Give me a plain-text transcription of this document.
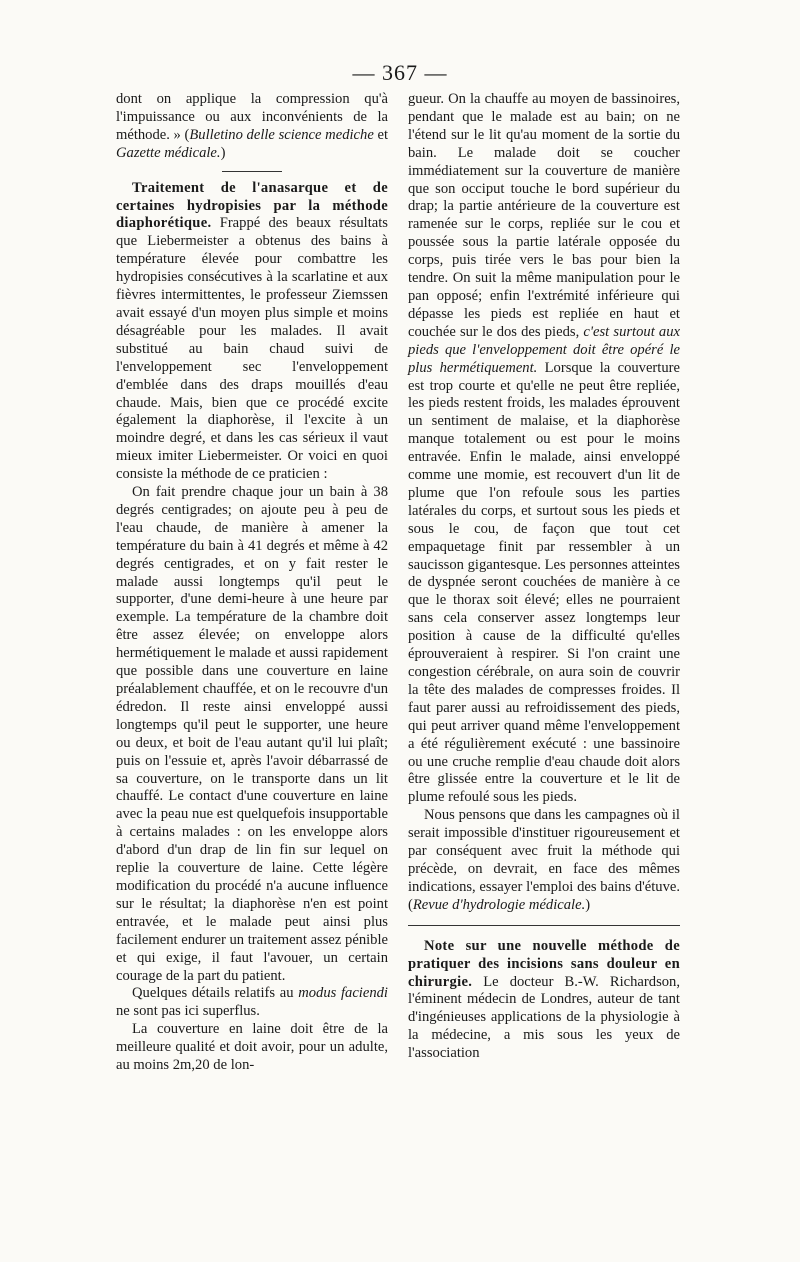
— 367 —

dont on applique la compression qu'à l'impuissance ou aux inconvénients de la méthode. » (Bulletino delle science mediche et Gazette médicale.)

Traitement de l'anasarque et de certaines hydropisies par la méthode diaphorétique. Frappé des beaux résultats que Liebermeister a obtenus des bains à température élevée pour combattre les hydropisies consécutives à la scarlatine et aux fièvres intermittentes, le professeur Ziemssen avait essayé d'un moyen plus simple et moins désagréable pour les malades. Il avait substitué au bain chaud suivi de l'enveloppement sec l'enveloppement d'emblée dans des draps mouillés d'eau chaude. Mais, bien que ce procédé excite également la diaphorèse, il l'excite à un moindre degré, et dans les cas sérieux il vaut mieux imiter Liebermeister. Or voici en quoi consiste la méthode de ce praticien :

On fait prendre chaque jour un bain à 38 degrés centigrades; on ajoute peu à peu de l'eau chaude, de manière à amener la température du bain à 41 degrés et même à 42 degrés centigrades, et on y fait rester le malade aussi longtemps qu'il peut le supporter, d'une demi-heure à une heure par exemple. La température de la chambre doit être assez élevée; on enveloppe alors hermétiquement le malade et aussi rapidement que possible dans une couverture en laine préalablement chauffée, et on le recouvre d'un édredon. Il reste ainsi enveloppé aussi longtemps qu'il peut le supporter, une heure ou deux, et boit de l'eau autant qu'il lui plaît; puis on l'essuie et, après l'avoir débarrassé de sa couverture, on le transporte dans un lit chauffé. Le contact d'une couverture en laine avec la peau nue est quelquefois insupportable à certains malades : on les enveloppe alors d'abord d'un drap de lin fin sur lequel on replie la couverture de laine. Cette légère modification du procédé n'a aucune influence sur le résultat; la diaphorèse n'en est point entravée, et le malade peut ainsi plus facilement endurer un traitement assez pénible et qui exige, il faut l'avouer, un certain courage de la part du patient.

Quelques détails relatifs au modus faciendi ne sont pas ici superflus.

La couverture en laine doit être de la meilleure qualité et doit avoir, pour un adulte, au moins 2m,20 de lon-

gueur. On la chauffe au moyen de bassinoires, pendant que le malade est au bain; on ne l'étend sur le lit qu'au moment de la sortie du bain. Le malade doit se coucher immédiatement sur la couverture de manière que son occiput touche le bord supérieur du drap; la partie antérieure de la couverture est ramenée sur le corps, repliée sur le cou et poussée sous la partie latérale opposée du corps, puis tirée vers le bas pour bien la tendre. On suit la même manipulation pour le pan opposé; enfin l'extrémité inférieure qui dépasse les pieds est repliée en haut et couchée sur le dos des pieds, c'est surtout aux pieds que l'enveloppement doit être opéré le plus hermétiquement. Lorsque la couverture est trop courte et qu'elle ne peut être repliée, les pieds restent froids, les malades éprouvent un sentiment de malaise, et la diaphorèse manque totalement ou est pour le moins entravée. Enfin le malade, ainsi enveloppé comme une momie, est recouvert d'un lit de plume que l'on refoule sous les parties latérales du corps, et surtout sous les pieds et sous le cou, de façon que tout cet empaquetage finit par ressembler à un saucisson gigantesque. Les personnes atteintes de dyspnée seront couchées de manière à ce que le thorax soit élevé; elles ne pourraient sans cela conserver assez longtemps leur position à cause de la difficulté qu'elles éprouveraient à respirer. Si l'on craint une congestion cérébrale, on aura soin de couvrir la tête des malades de compresses froides. Il faut parer aussi au refroidissement des pieds, qui peut arriver quand même l'enveloppement a été régulièrement exécuté : une bassinoire ou une cruche remplie d'eau chaude doit alors être glissée entre la couverture et le lit de plume refoulé sous les pieds.

Nous pensons que dans les campagnes où il serait impossible d'instituer rigoureusement et par conséquent avec fruit la méthode qui précède, on devrait, en face des mêmes indications, essayer l'emploi des bains d'étuve. (Revue d'hydrologie médicale.)

Note sur une nouvelle méthode de pratiquer des incisions sans douleur en chirurgie. Le docteur B.-W. Richardson, l'éminent médecin de Londres, auteur de tant d'ingénieuses applications de la physiologie à la médecine, a mis sous les yeux de l'association
